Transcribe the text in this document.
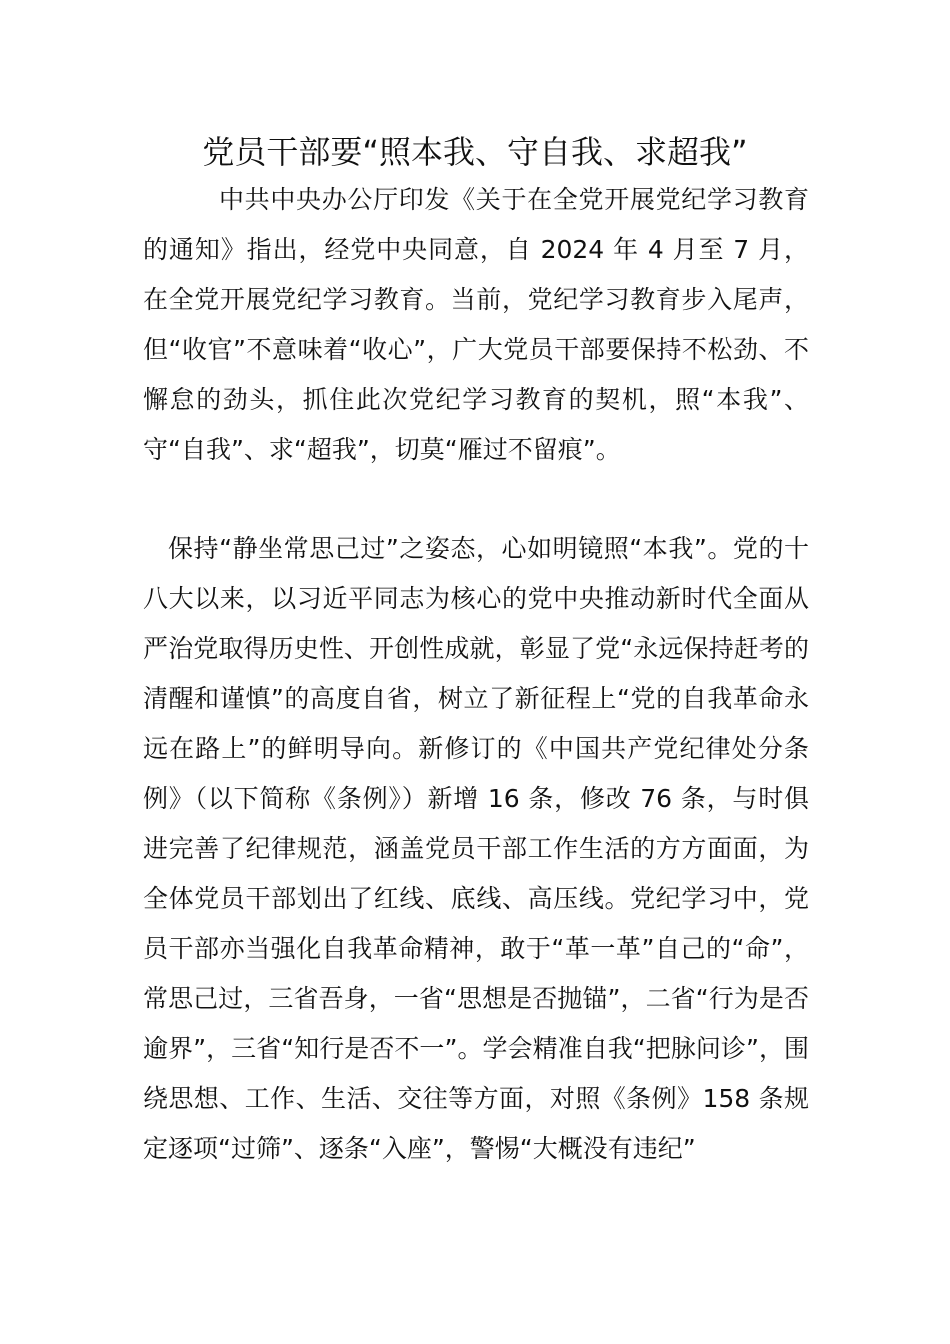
党员干部要“照本我、守自我、求超我”

中共中央办公厅印发《关于在全党开展党纪学习教育的通知》指出，经党中央同意，自 2024 年 4 月至 7 月，在全党开展党纪学习教育。当前，党纪学习教育步入尾声，但“收官”不意味着“收心”，广大党员干部要保持不松劲、不懈怠的劲头，抓住此次党纪学习教育的契机，照“本我”、守“自我”、求“超我”，切莫“雁过不留痕”。

保持“静坐常思己过”之姿态，心如明镜照“本我”。党的十八大以来，以习近平同志为核心的党中央推动新时代全面从严治党取得历史性、开创性成就，彰显了党“永远保持赶考的清醒和谨慎”的高度自省，树立了新征程上“党的自我革命永远在路上”的鲜明导向。新修订的《中国共产党纪律处分条例》（以下简称《条例》）新增 16 条，修改 76 条，与时俱进完善了纪律规范，涵盖党员干部工作生活的方方面面，为全体党员干部划出了红线、底线、高压线。党纪学习中，党员干部亦当强化自我革命精神，敢于“革一革”自己的“命”，常思己过，三省吾身，一省“思想是否抛锚”，二省“行为是否逾界”，三省“知行是否不一”。学会精准自我“把脉问诊”，围绕思想、工作、生活、交往等方面，对照《条例》158 条规定逐项“过筛”、逐条“入座”，警惕“大概没有违纪”
